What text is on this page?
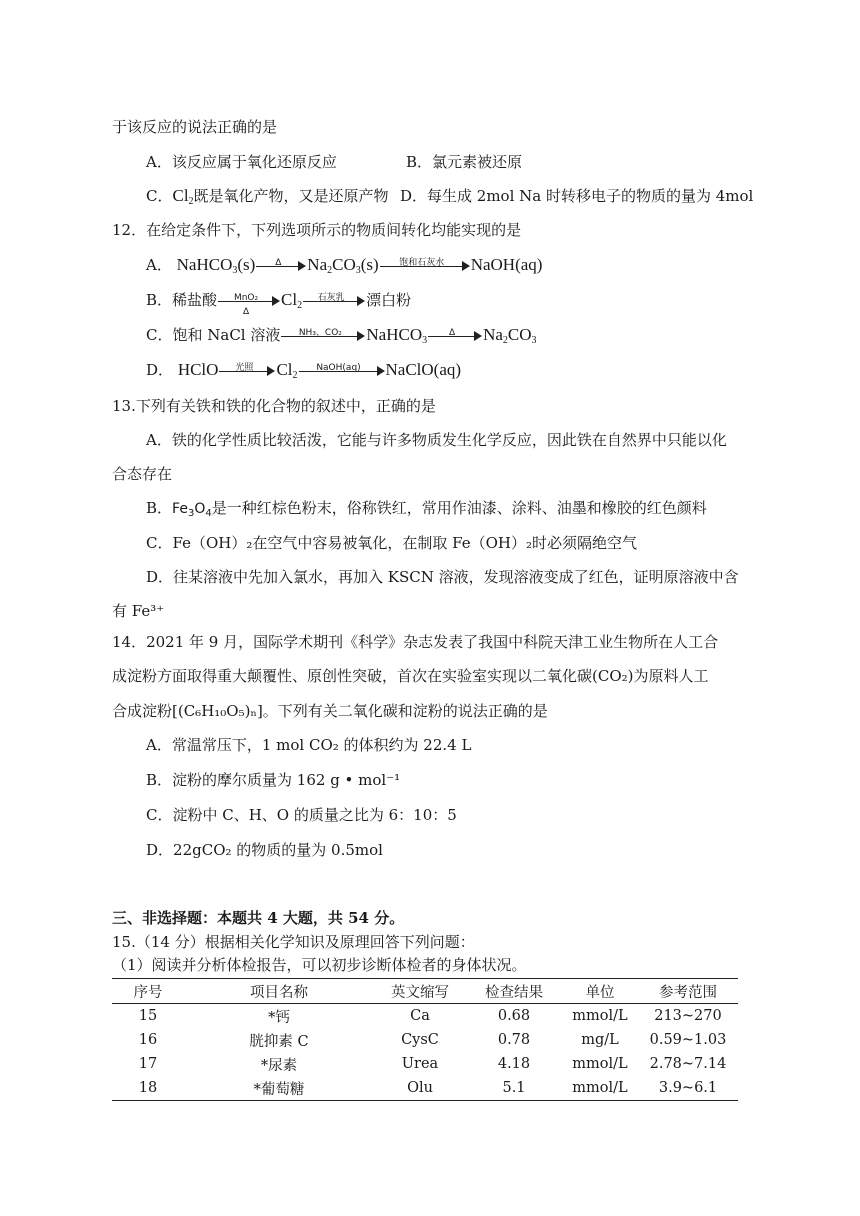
于该反应的说法正确的是
A．该反应属于氧化还原反应	B．氯元素被还原
C．$Cl_2$既是氧化产物，又是还原产物 D．每生成 2mol Na 时转移电子的物质的量为 4mol
12．在给定条件下，下列选项所示的物质间转化均能实现的是
A． NaHCO$_3$(s)	Δ	$Na_2CO_3(s)$	饱和石灰水	NaOH(aq)
B．稀盐酸	MnO₂
Δ
$Cl_2$
石灰乳	漂白粉
C．饱和 NaCl 溶液	NH₃、CO₂	NaHCO$_3$
Δ	$Na_2CO_3$
D． HClO	光照	$Cl_2$
NaOH(aq)	NaClO(aq)
13.下列有关铁和铁的化合物的叙述中，正确的是
A．铁的化学性质比较活泼，它能与许多物质发生化学反应，因此铁在自然界中只能以化
合态存在
B．$Fe_3O_4$是一种红棕色粉末，俗称铁红，常用作油漆、涂料、油墨和橡胶的红色颜料
C．Fe（OH）₂在空气中容易被氧化，在制取 Fe（OH）₂时必须隔绝空气
D．往某溶液中先加入氯水，再加入 KSCN 溶液，发现溶液变成了红色，证明原溶液中含
有 Fe³⁺
14．2021 年 9 月，国际学术期刊《科学》杂志发表了我国中科院天津工业生物所在人工合
成淀粉方面取得重大颠覆性、原创性突破，首次在实验室实现以二氧化碳(CO₂)为原料人工
合成淀粉[(C₆H₁₀O₅)ₙ]。下列有关二氧化碳和淀粉的说法正确的是
A．常温常压下，1 mol CO₂ 的体积约为 22.4 L
B．淀粉的摩尔质量为 162 g • mol⁻¹
C．淀粉中 C、H、O 的质量之比为 6：10：5
D．22gCO₂ 的物质的量为 0.5mol
三、非选择题：本题共 4 大题，共 54 分。
15.（14 分）根据相关化学知识及原理回答下列问题：
（1）阅读并分析体检报告，可以初步诊断体检者的身体状况。
序号	项目名称	英文缩写	检查结果	单位	参考范围
15	*钙	Ca	0.68	mmol/L	213~270
16	胱抑素 C	CysC	0.78	mg/L	0.59~1.03
17	*尿素	Urea	4.18	mmol/L	2.78~7.14
18	*葡萄糖	Olu	5.1	mmol/L	3.9~6.1
